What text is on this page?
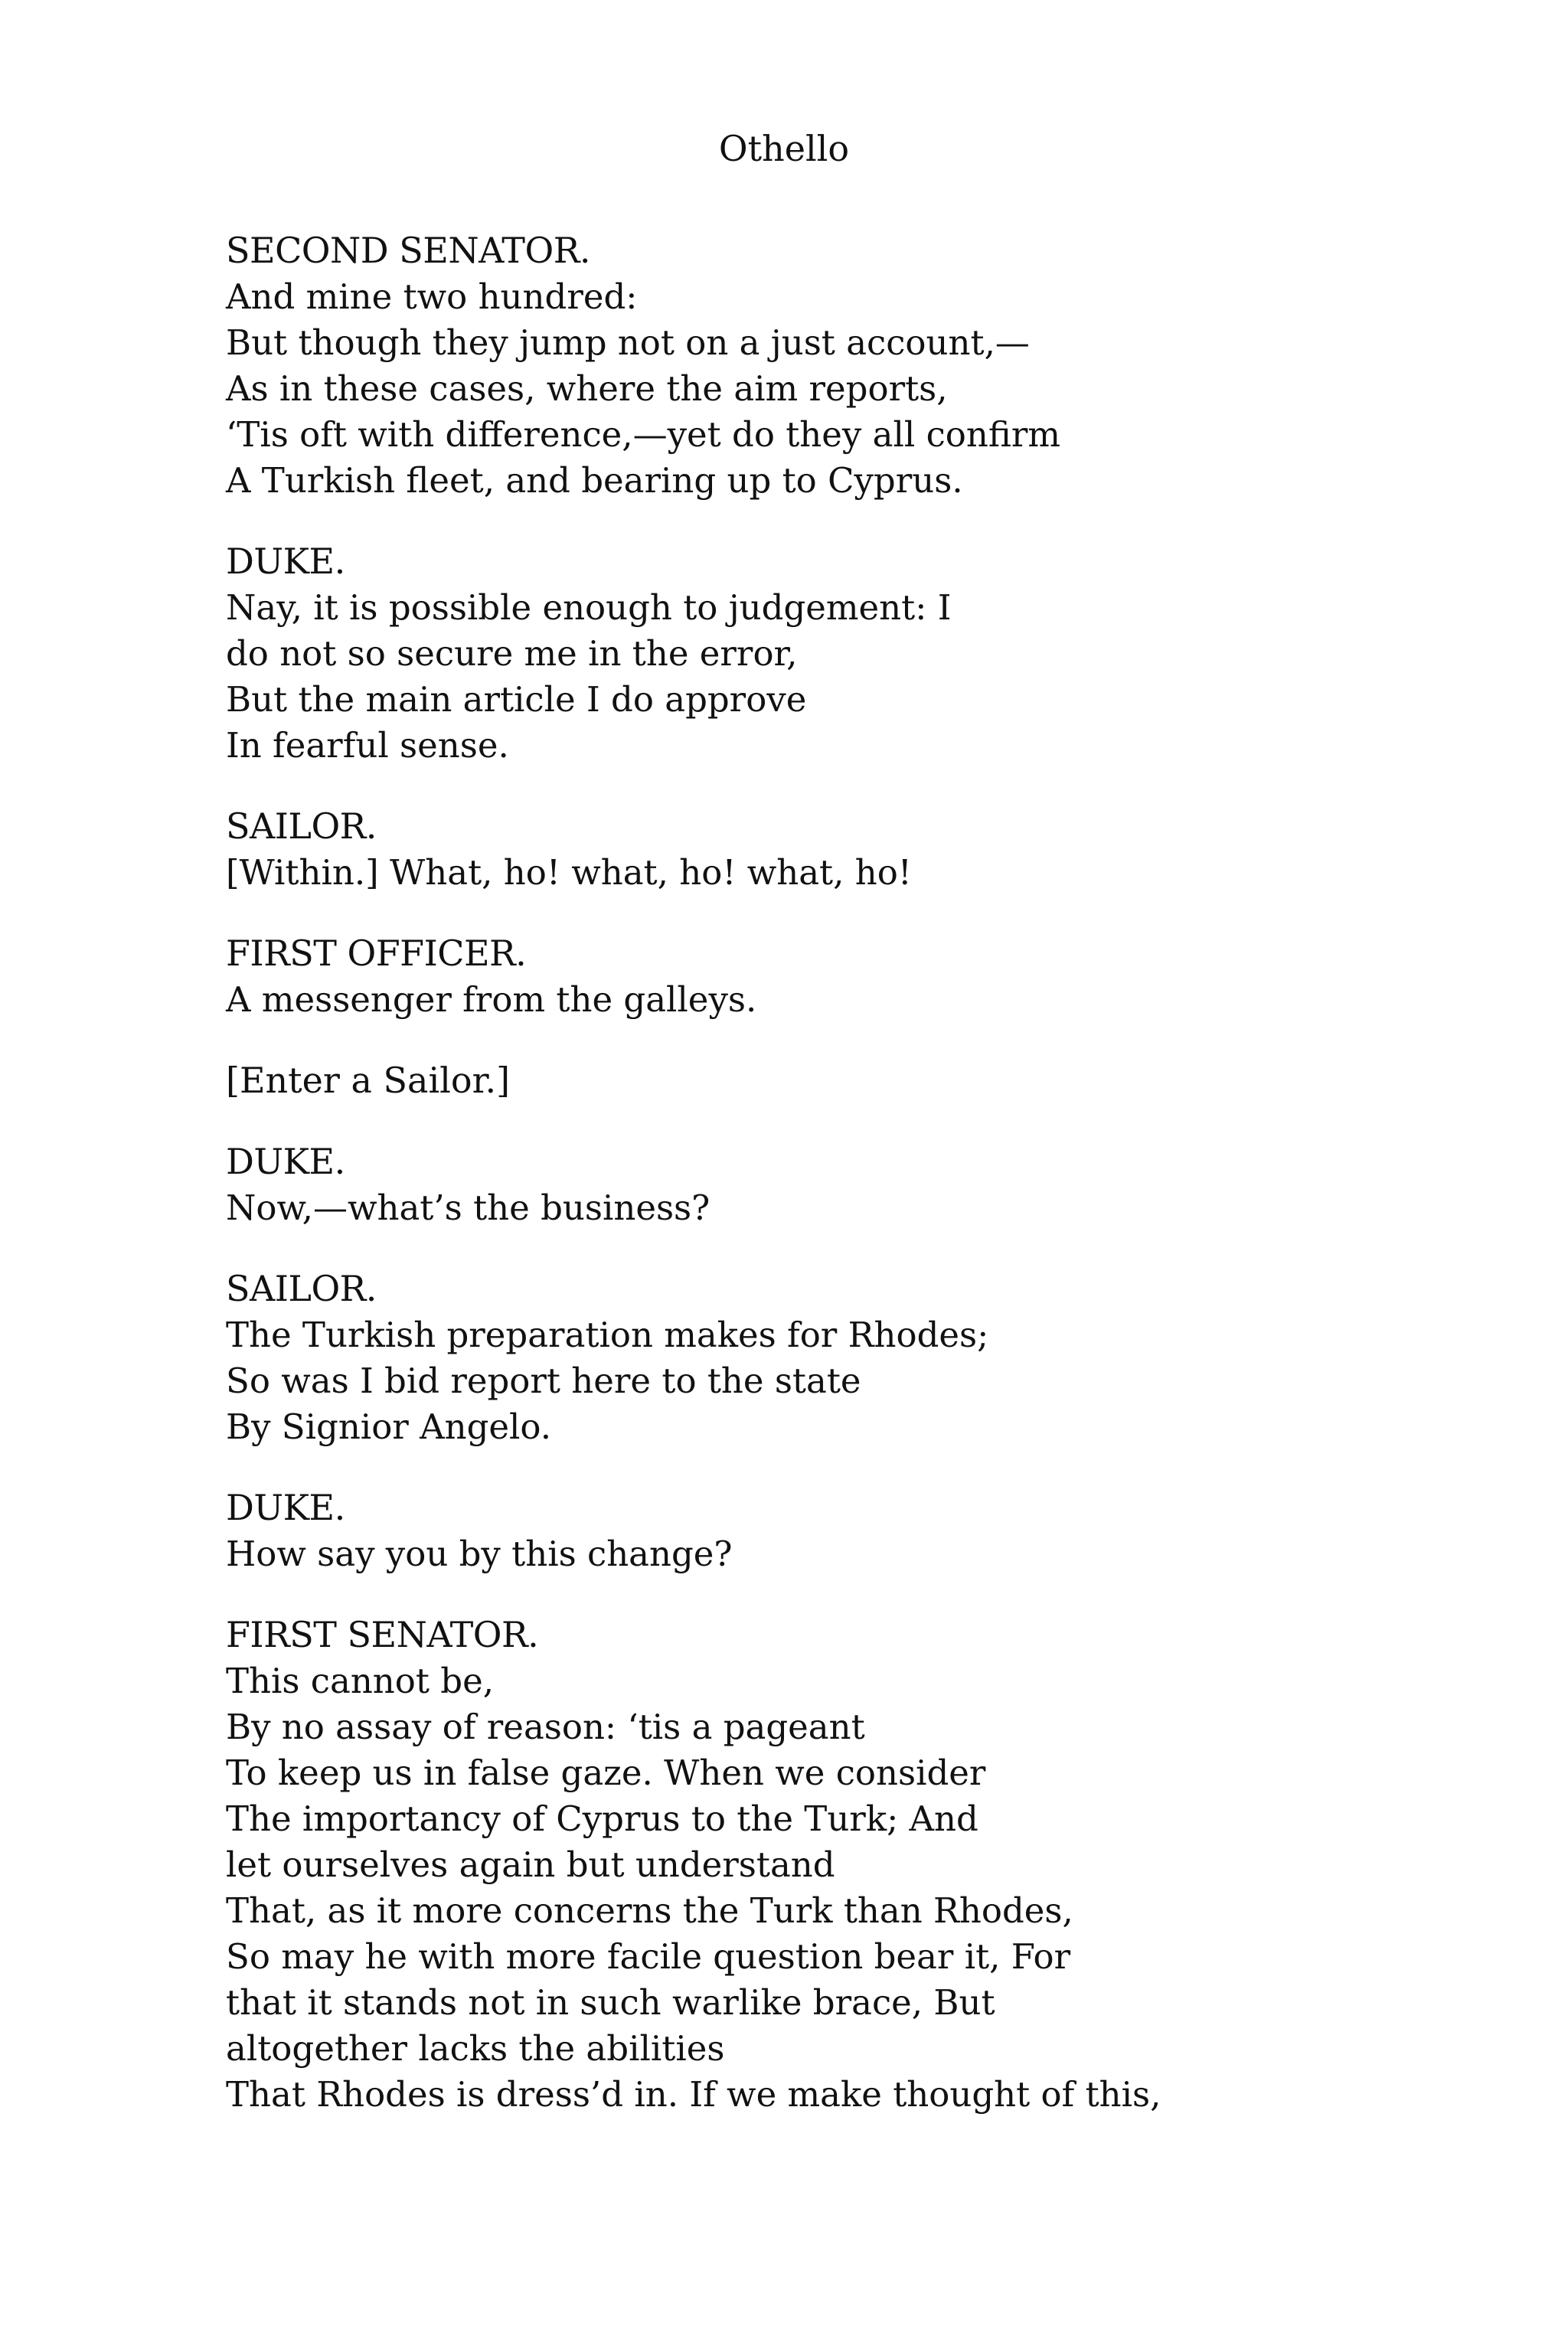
Othello
SECOND SENATOR.
And mine two hundred:
But though they jump not on a just account,—
As in these cases, where the aim reports,
‘Tis oft with difference,—yet do they all confirm
A Turkish fleet, and bearing up to Cyprus.
DUKE.
Nay, it is possible enough to judgement: I
do not so secure me in the error,
But the main article I do approve
In fearful sense.
SAILOR.
[Within.] What, ho! what, ho! what, ho!
FIRST OFFICER.
A messenger from the galleys.
[Enter a Sailor.]
DUKE.
Now,—what’s the business?
SAILOR.
The Turkish preparation makes for Rhodes;
So was I bid report here to the state
By Signior Angelo.
DUKE.
How say you by this change?
FIRST SENATOR.
This cannot be,
By no assay of reason: ‘tis a pageant
To keep us in false gaze. When we consider
The importancy of Cyprus to the Turk; And
let ourselves again but understand
That, as it more concerns the Turk than Rhodes,
So may he with more facile question bear it, For
that it stands not in such warlike brace, But
altogether lacks the abilities
That Rhodes is dress’d in. If we make thought of this,
